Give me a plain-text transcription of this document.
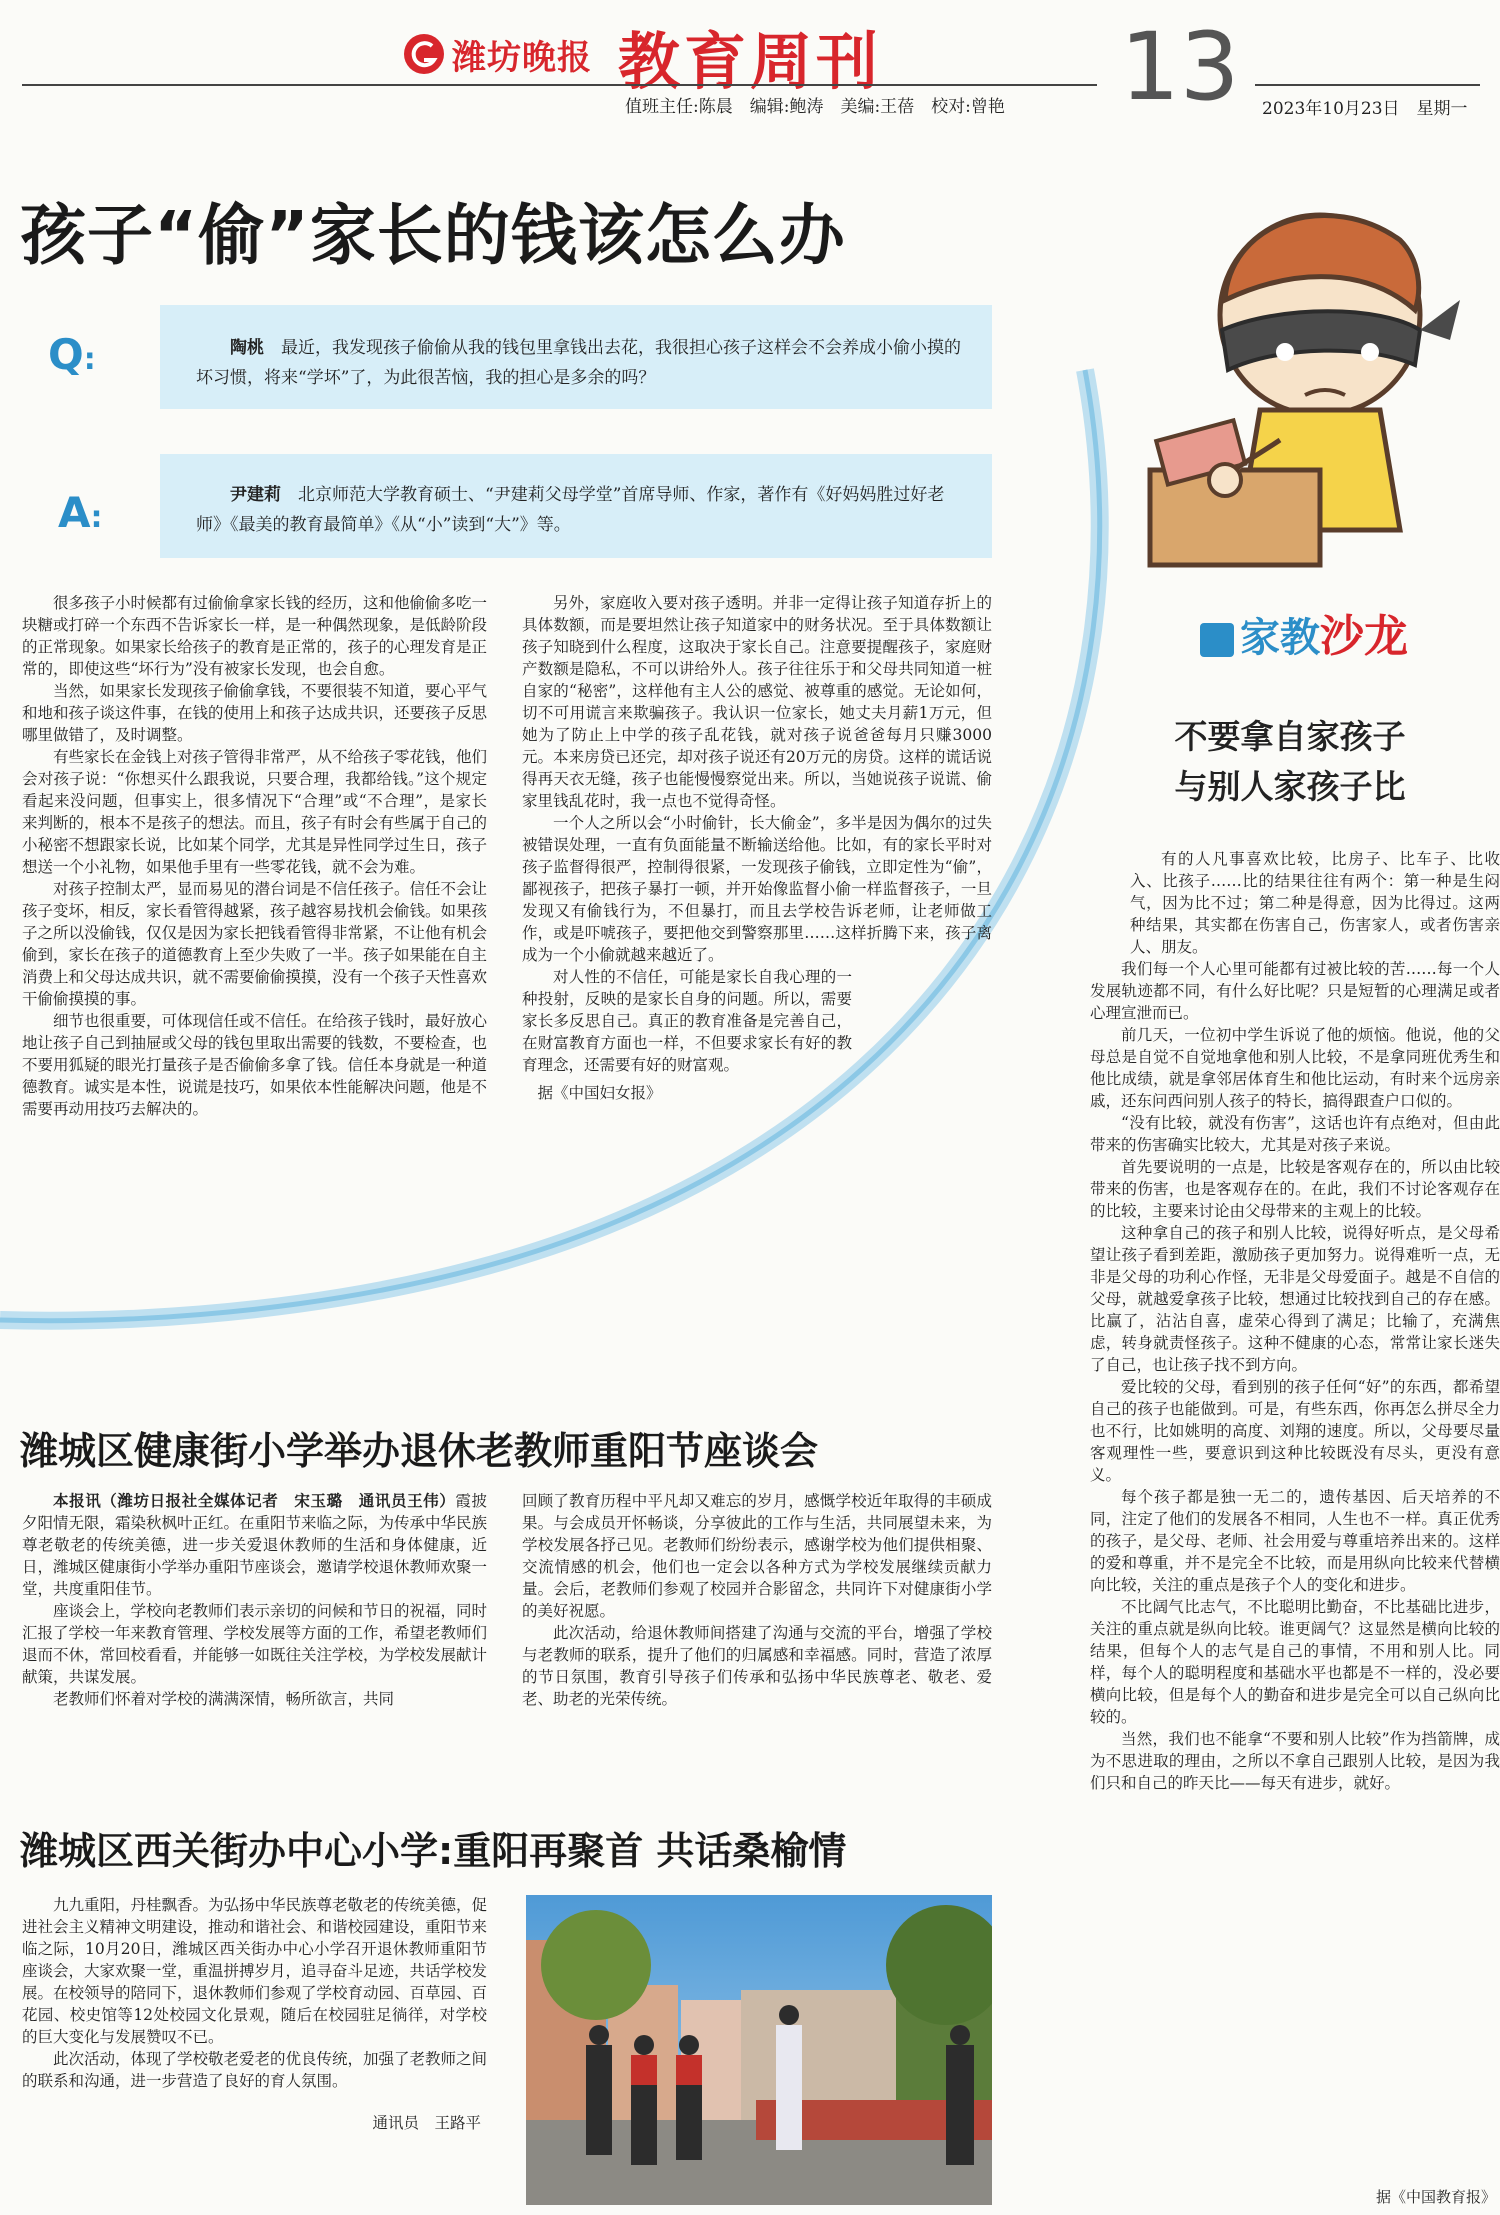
潍坊晚报 教育周刊
值班主任:陈晨　编辑:鲍涛　美编:王蓓　校对:曾艳 13 2023年10月23日　星期一
孩子“偷”家长的钱该怎么办
Q:	陶桃　 最近，我发现孩子偷偷从我的钱包里拿钱出去花，我很担心孩子这样会不会养成小偷小摸的坏习惯，将来“学坏”了，为此很苦恼，我的担心是多余的吗？
A:
尹建莉　 北京师范大学教育硕士、“尹建莉父母学堂”首席导师、作家，著作有《好妈妈胜过好老师》《最美的教育最简单》《从“小”读到“大”》等。

很多孩子小时候都有过偷偷拿家长钱的经历，这和他偷偷多吃一块糖或打碎一个东西不告诉家长一样，是一种偶然现象，是低龄阶段的正常现象。如果家长给孩子的教育是正常的，孩子的心理发育是正常的，即使这些“坏行为”没有被家长发现，也会自愈。

当然，如果家长发现孩子偷偷拿钱，不要很装不知道，要心平气和地和孩子谈这件事，在钱的使用上和孩子达成共识，还要孩子反思哪里做错了，及时调整。

有些家长在金钱上对孩子管得非常严，从不给孩子零花钱，他们会对孩子说：“你想买什么跟我说，只要合理，我都给钱。”这个规定看起来没问题，但事实上，很多情况下“合理”或“不合理”，是家长来判断的，根本不是孩子的想法。而且，孩子有时会有些属于自己的小秘密不想跟家长说，比如某个同学，尤其是异性同学过生日，孩子想送一个小礼物，如果他手里有一些零花钱，就不会为难。

对孩子控制太严，显而易见的潜台词是不信任孩子。信任不会让孩子变坏，相反，家长看管得越紧，孩子越容易找机会偷钱。如果孩子之所以没偷钱，仅仅是因为家长把钱看管得非常紧，不让他有机会偷到，家长在孩子的道德教育上至少失败了一半。孩子如果能在自主消费上和父母达成共识，就不需要偷偷摸摸，没有一个孩子天性喜欢干偷偷摸摸的事。

细节也很重要，可体现信任或不信任。在给孩子钱时，最好放心地让孩子自己到抽屉或父母的钱包里取出需要的钱数，不要检查，也不要用狐疑的眼光打量孩子是否偷偷多拿了钱。信任本身就是一种道德教育。诚实是本性，说谎是技巧，如果依本性能解决问题，他是不需要再动用技巧去解决的。

另外，家庭收入要对孩子透明。并非一定得让孩子知道存折上的具体数额，而是要坦然让孩子知道家中的财务状况。至于具体数额让孩子知晓到什么程度，这取决于家长自己。注意要提醒孩子，家庭财产数额是隐私，不可以讲给外人。孩子往往乐于和父母共同知道一桩自家的“秘密”，这样他有主人公的感觉、被尊重的感觉。无论如何，切不可用谎言来欺骗孩子。我认识一位家长，她丈夫月薪1万元，但她为了防止上中学的孩子乱花钱，就对孩子说爸爸每月只赚3000元。本来房贷已还完，却对孩子说还有20万元的房贷。这样的谎话说得再天衣无缝，孩子也能慢慢察觉出来。所以，当她说孩子说谎、偷家里钱乱花时，我一点也不觉得奇怪。

一个人之所以会“小时偷针，长大偷金”，多半是因为偶尔的过失被错误处理，一直有负面能量不断输送给他。比如，有的家长平时对孩子监督得很严，控制得很紧，一发现孩子偷钱，立即定性为“偷”，鄙视孩子，把孩子暴打一顿，并开始像监督小偷一样监督孩子，一旦发现又有偷钱行为，不但暴打，而且去学校告诉老师，让老师做工作，或是吓唬孩子，要把他交到警察那里……这样折腾下来，孩子离成为一个小偷就越来越近了。

对人性的不信任，可能是家长自我心理的一种投射，反映的是家长自身的问题。所以，需要家长多反思自己。真正的教育准备是完善自己，在财富教育方面也一样，不但要求家长有好的教育理念，还需要有好的财富观。

据《中国妇女报》

潍城区健康街小学举办退休老教师重阳节座谈会

本报讯（潍坊日报社全媒体记者　宋玉璐　通讯员王伟）霞披夕阳情无限，霜染秋枫叶正红。在重阳节来临之际，为传承中华民族尊老敬老的传统美德，进一步关爱退休教师的生活和身体健康，近日，潍城区健康街小学举办重阳节座谈会，邀请学校退休教师欢聚一堂，共度重阳佳节。

座谈会上，学校向老教师们表示亲切的问候和节日的祝福，同时汇报了学校一年来教育管理、学校发展等方面的工作，希望老教师们退而不休，常回校看看，并能够一如既往关注学校，为学校发展献计献策，共谋发展。

老教师们怀着对学校的满满深情，畅所欲言，共同

回顾了教育历程中平凡却又难忘的岁月，感慨学校近年取得的丰硕成果。与会成员开怀畅谈，分享彼此的工作与生活，共同展望未来，为学校发展各抒己见。老教师们纷纷表示，感谢学校为他们提供相聚、交流情感的机会，他们也一定会以各种方式为学校发展继续贡献力量。会后，老教师们参观了校园并合影留念，共同许下对健康街小学的美好祝愿。

此次活动，给退休教师间搭建了沟通与交流的平台，增强了学校与老教师的联系，提升了他们的归属感和幸福感。同时，营造了浓厚的节日氛围，教育引导孩子们传承和弘扬中华民族尊老、敬老、爱老、助老的光荣传统。

潍城区西关街办中心小学:重阳再聚首 共话桑榆情

九九重阳，丹桂飘香。为弘扬中华民族尊老敬老的传统美德，促进社会主义精神文明建设，推动和谐社会、和谐校园建设，重阳节来临之际，10月20日，潍城区西关街办中心小学召开退休教师重阳节座谈会，大家欢聚一堂，重温拼搏岁月，追寻奋斗足迹，共话学校发展。在校领导的陪同下，退休教师们参观了学校育动园、百草园、百花园、校史馆等12处校园文化景观，随后在校园驻足徜徉，对学校的巨大变化与发展赞叹不已。

此次活动，体现了学校敬老爱老的优良传统，加强了老教师之间的联系和沟通，进一步营造了良好的育人氛围。

通讯员　王路平

家教沙龙
不要拿自家孩子
与别人家孩子比

有的人凡事喜欢比较，比房子、比车子、比收入、比孩子……比的结果往往有两个：第一种是生闷气，因为比不过；第二种是得意，因为比得过。这两种结果，其实都在伤害自己，伤害家人，或者伤害亲人、朋友。

我们每一个人心里可能都有过被比较的苦……每一个人发展轨迹都不同，有什么好比呢？只是短暂的心理满足或者心理宣泄而已。

前几天，一位初中学生诉说了他的烦恼。他说，他的父母总是自觉不自觉地拿他和别人比较，不是拿同班优秀生和他比成绩，就是拿邻居体育生和他比运动，有时来个远房亲戚，还东问西问别人孩子的特长，搞得跟查户口似的。

“没有比较，就没有伤害”，这话也许有点绝对，但由此带来的伤害确实比较大，尤其是对孩子来说。

首先要说明的一点是，比较是客观存在的，所以由比较带来的伤害，也是客观存在的。在此，我们不讨论客观存在的比较，主要来讨论由父母带来的主观上的比较。

这种拿自己的孩子和别人比较，说得好听点，是父母希望让孩子看到差距，激励孩子更加努力。说得难听一点，无非是父母的功利心作怪，无非是父母爱面子。越是不自信的父母，就越爱拿孩子比较，想通过比较找到自己的存在感。比赢了，沾沾自喜，虚荣心得到了满足；比输了，充满焦虑，转身就责怪孩子。这种不健康的心态，常常让家长迷失了自己，也让孩子找不到方向。

爱比较的父母，看到别的孩子任何“好”的东西，都希望自己的孩子也能做到。可是，有些东西，你再怎么拼尽全力也不行，比如姚明的高度、刘翔的速度。所以，父母要尽量客观理性一些，要意识到这种比较既没有尽头，更没有意义。

每个孩子都是独一无二的，遗传基因、后天培养的不同，注定了他们的发展各不相同，人生也不一样。真正优秀的孩子，是父母、老师、社会用爱与尊重培养出来的。这样的爱和尊重，并不是完全不比较，而是用纵向比较来代替横向比较，关注的重点是孩子个人的变化和进步。

不比阔气比志气，不比聪明比勤奋，不比基础比进步，关注的重点就是纵向比较。谁更阔气？这显然是横向比较的结果，但每个人的志气是自己的事情，不用和别人比。同样，每个人的聪明程度和基础水平也都是不一样的，没必要横向比较，但是每个人的勤奋和进步是完全可以自己纵向比较的。

当然，我们也不能拿“不要和别人比较”作为挡箭牌，成为不思进取的理由，之所以不拿自己跟别人比较，是因为我们只和自己的昨天比——每天有进步，就好。

据《中国教育报》
